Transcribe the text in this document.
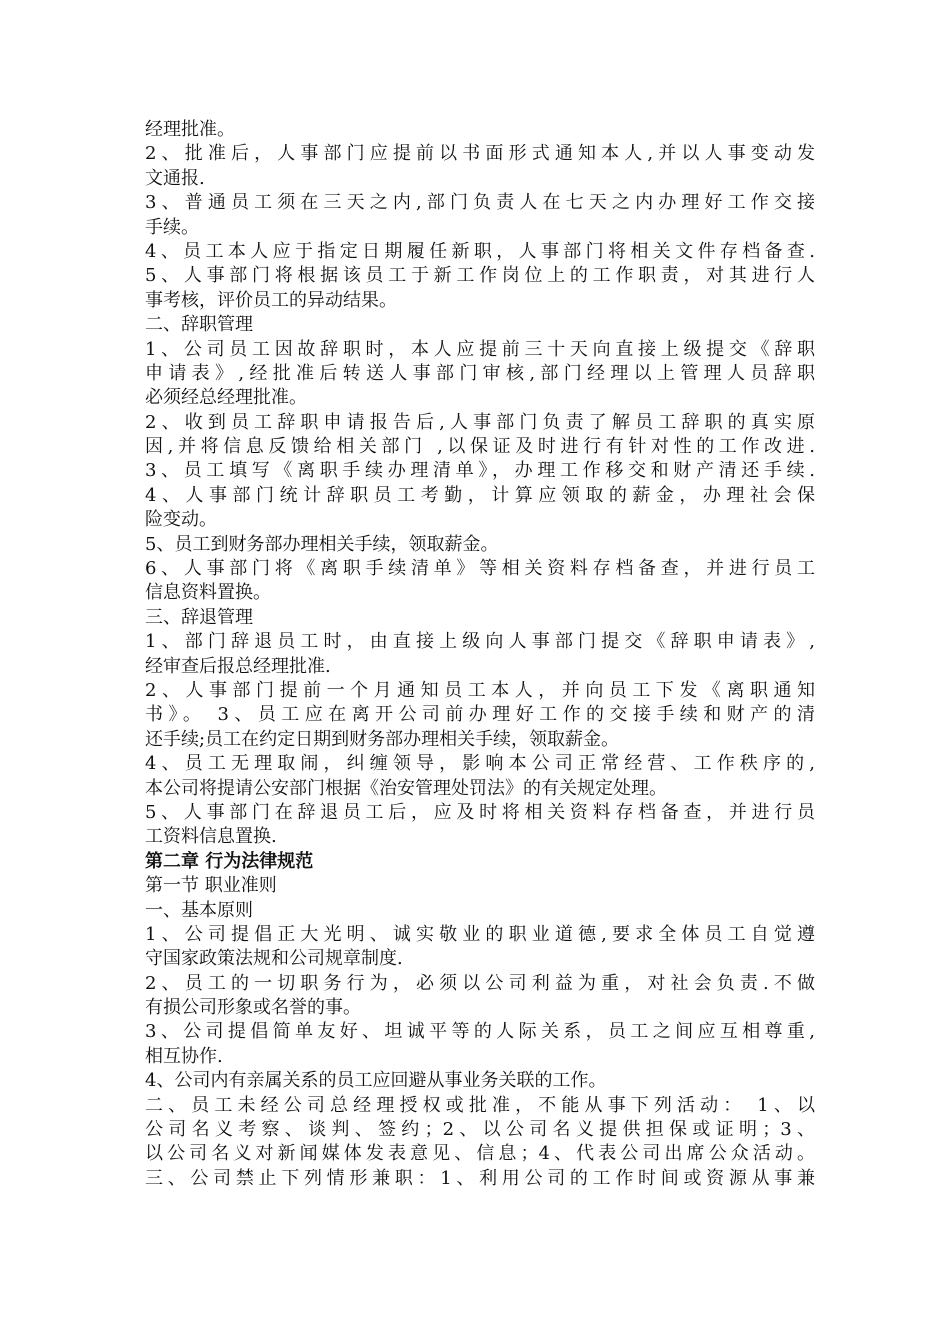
经理批准。
2、批准后，人事部门应提前以书面形式通知本人,并以人事变动发
文通报.
3、普通员工须在三天之内,部门负责人在七天之内办理好工作交接
手续。
4、员工本人应于指定日期履任新职，人事部门将相关文件存档备查.
5、人事部门将根据该员工于新工作岗位上的工作职责，对其进行人
事考核，评价员工的异动结果。
二、辞职管理
1、公司员工因故辞职时，本人应提前三十天向直接上级提交《辞职
申请表》,经批准后转送人事部门审核,部门经理以上管理人员辞职
必须经总经理批准。
2、收到员工辞职申请报告后,人事部门负责了解员工辞职的真实原
因,并将信息反馈给相关部门 ,以保证及时进行有针对性的工作改进.
3、员工填写《离职手续办理清单》，办理工作移交和财产清还手续.
4、人事部门统计辞职员工考勤，计算应领取的薪金，办理社会保
险变动。
5、员工到财务部办理相关手续，领取薪金。
6、人事部门将《离职手续清单》等相关资料存档备查，并进行员工
信息资料置换。
三、辞退管理
1、部门辞退员工时，由直接上级向人事部门提交《辞职申请表》,
经审查后报总经理批准.
2、人事部门提前一个月通知员工本人，并向员工下发《离职通知
书》。 3、员工应在离开公司前办理好工作的交接手续和财产的清
还手续;员工在约定日期到财务部办理相关手续，领取薪金。
4、员工无理取闹，纠缠领导，影响本公司正常经营、工作秩序的,
本公司将提请公安部门根据《治安管理处罚法》的有关规定处理。
5、人事部门在辞退员工后，应及时将相关资料存档备查，并进行员
工资料信息置换.
第二章 行为法律规范
第一节 职业准则
一、基本原则
1、公司提倡正大光明、诚实敬业的职业道德,要求全体员工自觉遵
守国家政策法规和公司规章制度.
2、员工的一切职务行为，必须以公司利益为重，对社会负责.不做
有损公司形象或名誉的事。
3、公司提倡简单友好、坦诚平等的人际关系，员工之间应互相尊重,
相互协作.
4、公司内有亲属关系的员工应回避从事业务关联的工作。
二、员工未经公司总经理授权或批准，不能从事下列活动： 1、以
公司名义考察、谈判、签约；2、以公司名义提供担保或证明；3、
以公司名义对新闻媒体发表意见、信息；4、代表公司出席公众活动。
三、公司禁止下列情形兼职：1、利用公司的工作时间或资源从事兼
